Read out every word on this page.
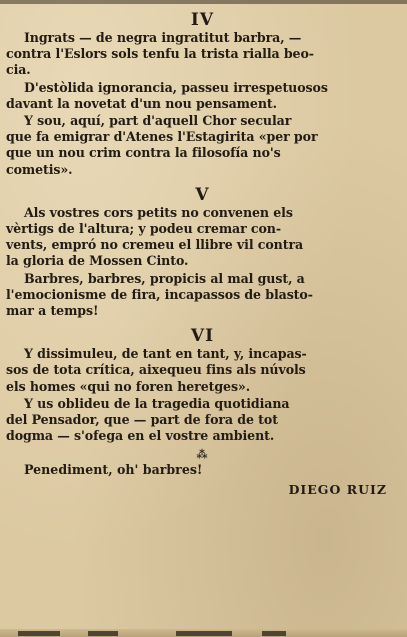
IV

Ingrats — de negra ingratitut barbra, —
contra l'Eslors sols tenfu la trista rialla beo-
cia.

D'estòlida ignorancia, passeu irrespetuosos
davant la novetat d'un nou pensament.

Y sou, aquí, part d'aquell Chor secular
que fa emigrar d'Atenes l'Estagirita «per por
que un nou crim contra la filosofía no's
cometis».

V

Als vostres cors petits no convenen els
vèrtigs de l'altura; y podeu cremar con-
vents, empró no cremeu el llibre vil contra
la gloria de Mossen Cinto.

Barbres, barbres, propicis al mal gust, a
l'emocionisme de fira, incapassos de blasto-
mar a temps!

VI

Y dissimuleu, de tant en tant, y, incapas-
sos de tota crítica, aixequeu fins als núvols
els homes «qui no foren heretges».

Y us oblideu de la tragedia quotidiana
del Pensador, que — part de fora de tot
dogma — s'ofega en el vostre ambient.

⁂

Penediment, oh' barbres!

DIEGO RUIZ
